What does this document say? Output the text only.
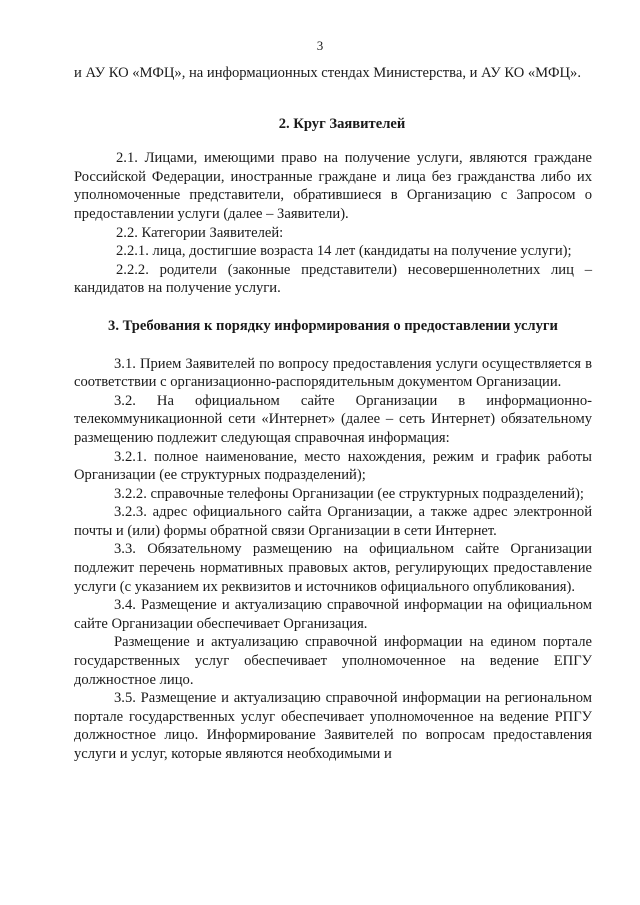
3

и АУ КО «МФЦ», на информационных стендах Министерства, и АУ КО «МФЦ».

2. Круг Заявителей

2.1. Лицами, имеющими право на получение услуги, являются граждане Российской Федерации, иностранные граждане и лица без гражданства либо их уполномоченные представители, обратившиеся в Организацию с Запросом о предоставлении услуги (далее – Заявители).

2.2. Категории Заявителей:

2.2.1. лица, достигшие возраста 14 лет (кандидаты на получение услуги);

2.2.2. родители (законные представители) несовершеннолетних лиц – кандидатов на получение услуги.

3. Требования к порядку информирования о предоставлении услуги

3.1. Прием Заявителей по вопросу предоставления услуги осуществляется в соответствии с организационно-распорядительным документом Организации.

3.2. На официальном сайте Организации в информационно-телекоммуникационной сети «Интернет» (далее – сеть Интернет) обязательному размещению подлежит следующая справочная информация:

3.2.1. полное наименование, место нахождения, режим и график работы Организации (ее структурных подразделений);

3.2.2. справочные телефоны Организации (ее структурных подразделений);

3.2.3. адрес официального сайта Организации, а также адрес электронной почты и (или) формы обратной связи Организации в сети Интернет.

3.3. Обязательному размещению на официальном сайте Организации подлежит перечень нормативных правовых актов, регулирующих предоставление услуги (с указанием их реквизитов и источников официального опубликования).

3.4. Размещение и актуализацию справочной информации на официальном сайте Организации обеспечивает Организация.

Размещение и актуализацию справочной информации на едином портале государственных услуг обеспечивает уполномоченное на ведение ЕПГУ должностное лицо.

3.5. Размещение и актуализацию справочной информации на региональном портале государственных услуг обеспечивает уполномоченное на ведение РПГУ должностное лицо. Информирование Заявителей по вопросам предоставления услуги и услуг, которые являются необходимыми и
